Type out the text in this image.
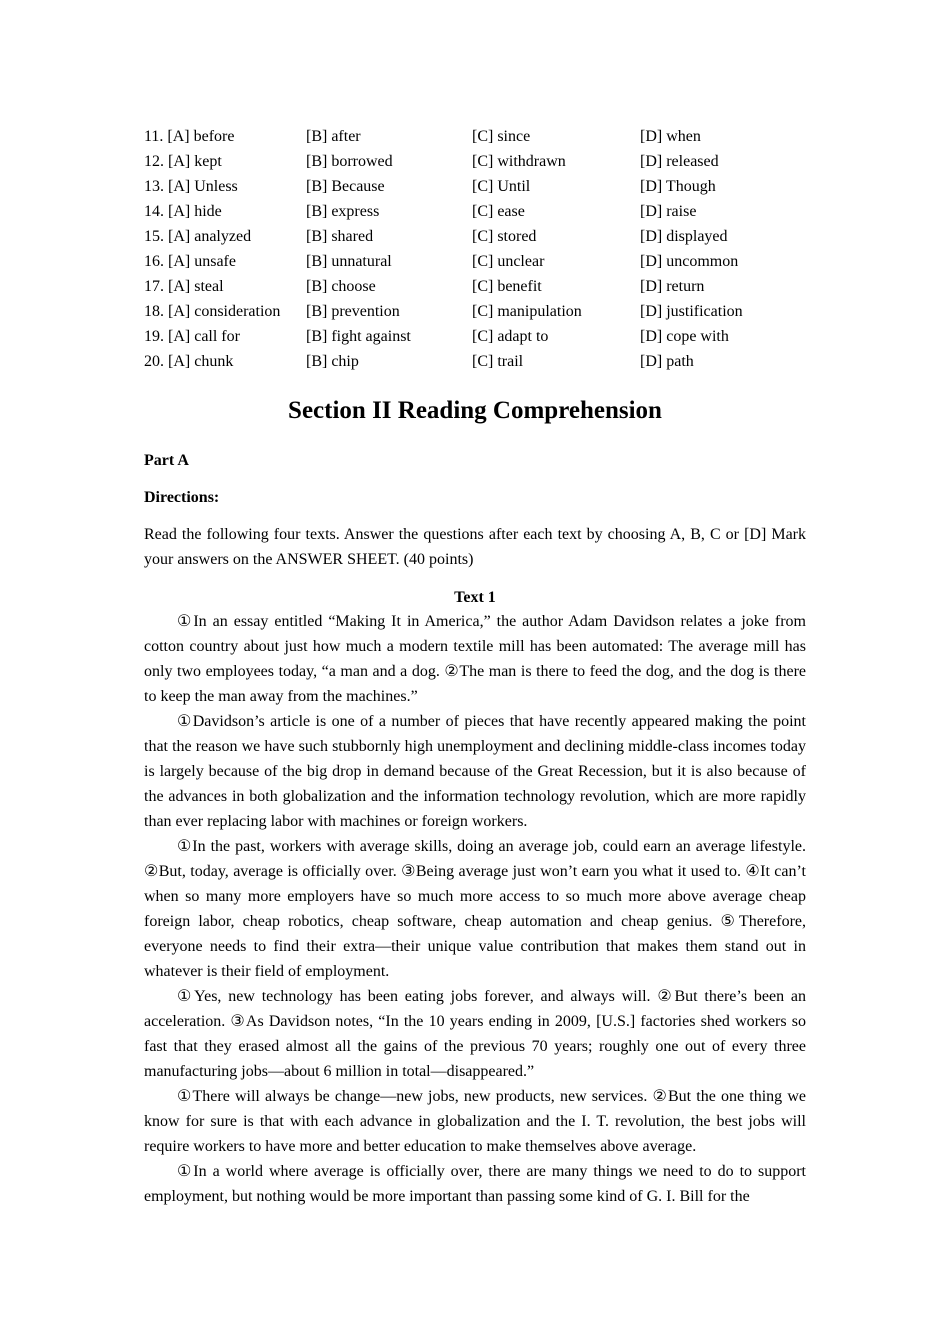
11. [A] before	[B] after	[C] since	[D] when
12. [A] kept	[B] borrowed	[C] withdrawn	[D] released
13. [A] Unless	[B] Because	[C] Until	[D] Though
14. [A] hide	[B] express	[C] ease	[D] raise
15. [A] analyzed	[B] shared	[C] stored	[D] displayed
16. [A] unsafe	[B] unnatural	[C] unclear	[D] uncommon
17. [A] steal	[B] choose	[C] benefit	[D] return
18. [A] consideration [B] prevention	[C] manipulation	[D] justification
19. [A] call for	[B] fight against	[C] adapt to	[D] cope with
20. [A] chunk	[B] chip	[C] trail	[D] path
Section II Reading Comprehension
Part A
Directions:

Read the following four texts. Answer the questions after each text by choosing A, B, C or [D] Mark your answers on the ANSWER SHEET. (40 points)

Text 1

①In an essay entitled “Making It in America,” the author Adam Davidson relates a joke from cotton country about just how much a modern textile mill has been automated: The average mill has only two employees today, “a man and a dog. ②The man is there to feed the dog, and the dog is there to keep the man away from the machines.”

①Davidson’s article is one of a number of pieces that have recently appeared making the point that the reason we have such stubbornly high unemployment and declining middle-class incomes today is largely because of the big drop in demand because of the Great Recession, but it is also because of the advances in both globalization and the information technology revolution, which are more rapidly than ever replacing labor with machines or foreign workers.

①In the past, workers with average skills, doing an average job, could earn an average lifestyle. ②But, today, average is officially over. ③Being average just won’t earn you what it used to. ④It can’t when so many more employers have so much more access to so much more above average cheap foreign labor, cheap robotics, cheap software, cheap automation and cheap genius. ⑤Therefore, everyone needs to find their extra—their unique value contribution that makes them stand out in whatever is their field of employment.

①Yes, new technology has been eating jobs forever, and always will. ②But there’s been an acceleration. ③As Davidson notes, “In the 10 years ending in 2009, [U.S.] factories shed workers so fast that they erased almost all the gains of the previous 70 years; roughly one out of every three manufacturing jobs—about 6 million in total—disappeared.”

①There will always be change—new jobs, new products, new services. ②But the one thing we know for sure is that with each advance in globalization and the I. T. revolution, the best jobs will require workers to have more and better education to make themselves above average.

①In a world where average is officially over, there are many things we need to do to support employment, but nothing would be more important than passing some kind of G. I. Bill for the
